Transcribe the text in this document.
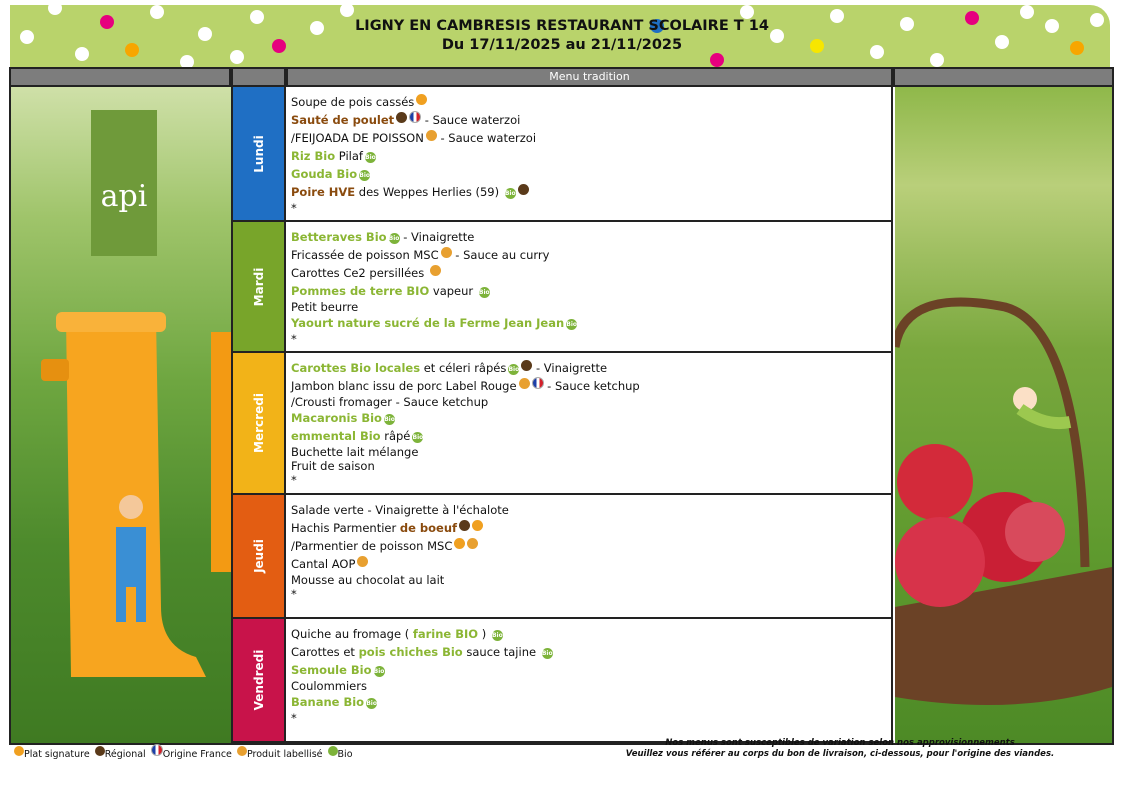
LIGNY EN CAMBRESIS RESTAURANT SCOLAIRE T 14
Du 17/11/2025 au 21/11/2025
Menu tradition
api
Lundi
Mardi
Mercredi
Jeudi
Vendredi
Soupe de pois cassés
Sauté de poulet - Sauce waterzoi
/FEIJOADA DE POISSON - Sauce waterzoi
Riz Bio Pilaf Bio
Gouda Bio Bio
Poire HVE des Weppes Herlies (59) Bio
*
Betteraves Bio Bio - Vinaigrette
Fricassée de poisson MSC - Sauce au curry
Carottes Ce2 persillées
Pommes de terre BIO vapeur Bio
Petit beurre
Yaourt nature sucré de la Ferme Jean Jean Bio
*
Carottes Bio locales et céleri râpés Bio - Vinaigrette
Jambon blanc issu de porc Label Rouge - Sauce ketchup
/Crousti fromager - Sauce ketchup
Macaronis Bio Bio
emmental Bio râpé Bio
Buchette lait mélange
Fruit de saison
*
Salade verte - Vinaigrette à l'échalote
Hachis Parmentier de boeuf
/Parmentier de poisson MSC
Cantal AOP
Mousse au chocolat au lait
*
Quiche au fromage ( farine BIO ) Bio
Carottes et pois chiches Bio sauce tajine Bio
Semoule Bio Bio
Coulommiers
Banane Bio Bio
*
Plat signature Régional Origine France Produit labellisé Bio
Nos menus sont susceptibles de variation selon nos approvisionnements
Veuillez vous référer au corps du bon de livraison, ci-dessous, pour l'origine des viandes.
